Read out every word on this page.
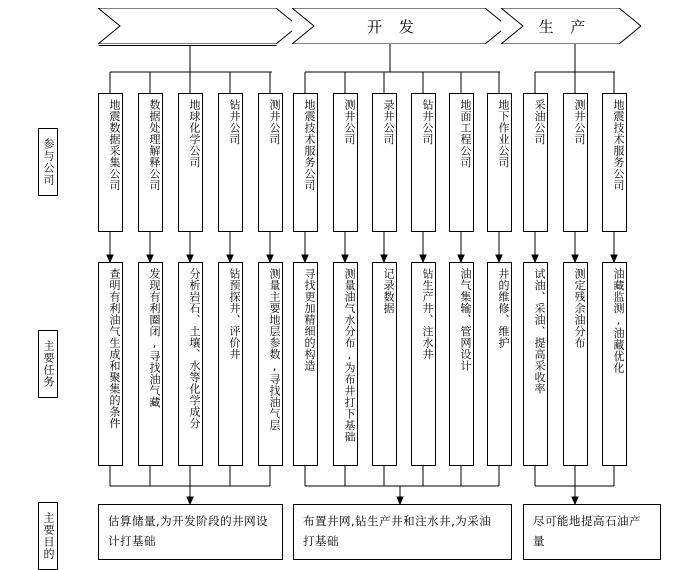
开 发	生 产
参与公司
主要任务
主要目的
地震数据采集公司 数据处理解释公司 地球化学公司 钻井公司 测井公司 地震技术服务公司 测井公司 录井公司 钻井公司 地面工程公司 地下作业公司 采油公司 测井公司 地震技术服务公司
查明有利油气生成和聚集的条件 发现有利圈闭,寻找油气藏 分析岩石、土壤、水等化学成分 钻预探井、评价井 测量主要地层参数,寻找油气层 寻找更加精细的构造 测量油气水分布,为布井打下基础 记录数据 钻生产井、注水井 油气集输、管网设计 井的维修、维护 试油、采油、提高采收率 测定残余油分布 油藏监测,油藏优化
估算储量,为开发阶段的井网设计打基础
布置井网,钻生产井和注水井,为采油打基础
尽可能地提高石油产量
